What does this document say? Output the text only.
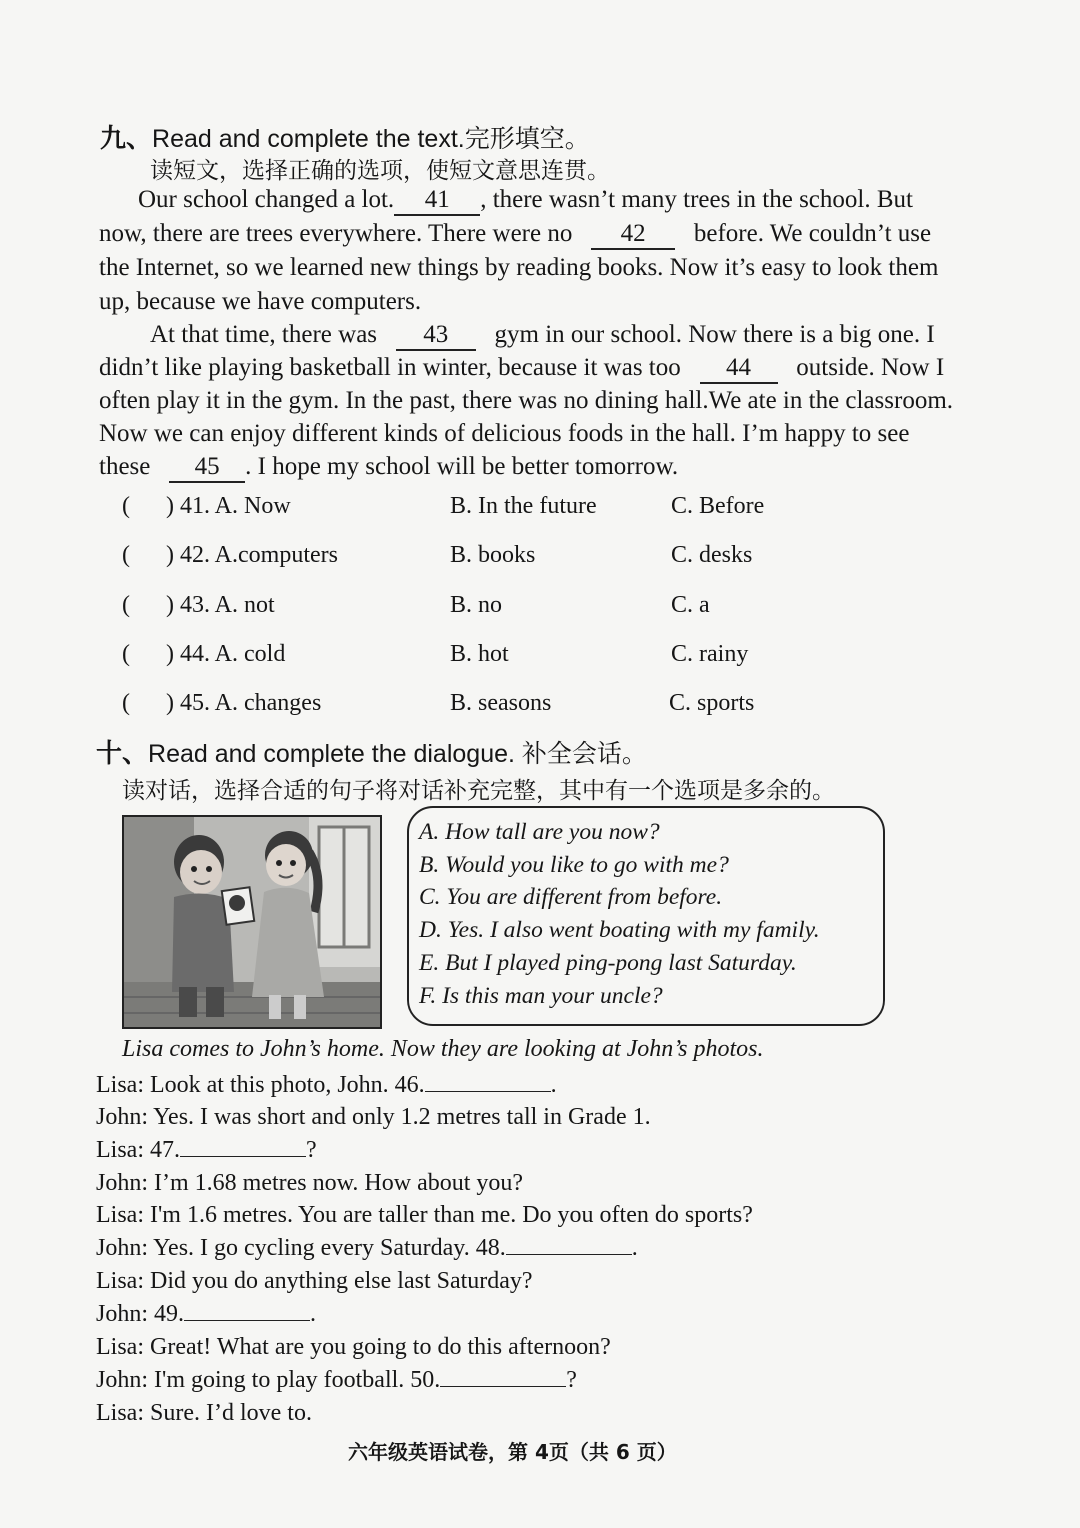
九、Read and complete the text.完形填空。
读短文，选择正确的选项，使短文意思连贯。
Our school changed a lot. 41 , there wasn’t many trees in the school. But
now, there are trees everywhere. There were no 42 before. We couldn’t use
the Internet, so we learned new things by reading books. Now it’s easy to look them
up, because we have computers.
At that time, there was 43 gym in our school. Now there is a big one. I
didn’t like playing basketball in winter, because it was too 44 outside. Now I
often play it in the gym. In the past, there was no dining hall.We ate in the classroom.
Now we can enjoy different kinds of delicious foods in the hall. I’m happy to see
these 45 . I hope my school will be better tomorrow.
( ) 41. A. Now	B. In the future	C. Before
( ) 42. A.computers	B. books	C. desks
( ) 43. A. not	B. no	C. a
( ) 44. A. cold	B. hot	C. rainy
( ) 45. A. changes	B. seasons	C. sports
十、Read and complete the dialogue. 补全会话。
读对话，选择合适的句子将对话补充完整，其中有一个选项是多余的。
A. How tall are you now?
B. Would you like to go with me?
C. You are different from before.
D. Yes. I also went boating with my family.
E. But I played ping-pong last Saturday.
F. Is this man your uncle?
Lisa comes to John’s home. Now they are looking at John’s photos.
Lisa: Look at this photo, John. 46.	.
John: Yes. I was short and only 1.2 metres tall in Grade 1.
Lisa: 47.	?
John: I’m 1.68 metres now. How about you?
Lisa: I'm 1.6 metres. You are taller than me. Do you often do sports?
John: Yes. I go cycling every Saturday. 48.	.
Lisa: Did you do anything else last Saturday?
John: 49.	.
Lisa: Great! What are you going to do this afternoon?
John: I'm going to play football. 50.	?
Lisa: Sure. I’d love to.
六年级英语试卷，第 4页（共 6 页）
